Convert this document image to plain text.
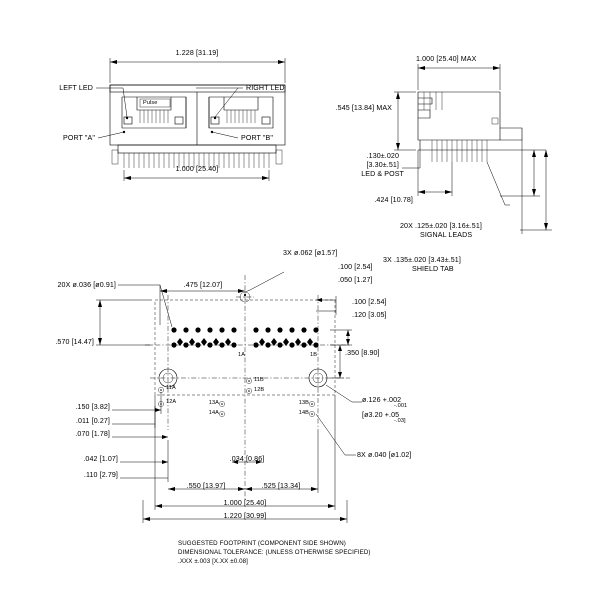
1.228 [31.19]
1.000 [25.40]
LEFT LED	RIGHT LED
PORT "A"	PORT "B"
Pulse
1.000 [25.40] MAX
.545 [13.84] MAX
.130±.020
[3.30±.51]
LED & POST
.424 [10.78]
20X .125±.020 [3.16±.51]
SIGNAL LEADS
3X .135±.020 [3.43±.51]
SHIELD TAB
20X ø.036 [ø0.91]	.475 [12.07]
3X ø.062 [ø1.57]
.100 [2.54]
.050 [1.27]
.100 [2.54]
.120 [3.05]
.350 [8.90]
.570 [14.47]
.150 [3.82]
.011 [0.27]
.070 [1.78]
.042 [1.07]
.110 [2.79]
.034 [0.86]
.550 [13.97]	.525 [13.34]
1.000 [25.40]
1.220 [30.99]
ø.126 +.002
-.001
[ø3.20 +.05
-.03]
8X ø.040 [ø1.02]
1A	1B
11A
12A
11B
12B
13A
14A
13B
14B
SUGGESTED FOOTPRINT (COMPONENT SIDE SHOWN)
DIMENSIONAL TOLERANCE: (UNLESS OTHERWISE SPECIFIED)
.XXX ±.003 [X.XX ±0.08]
